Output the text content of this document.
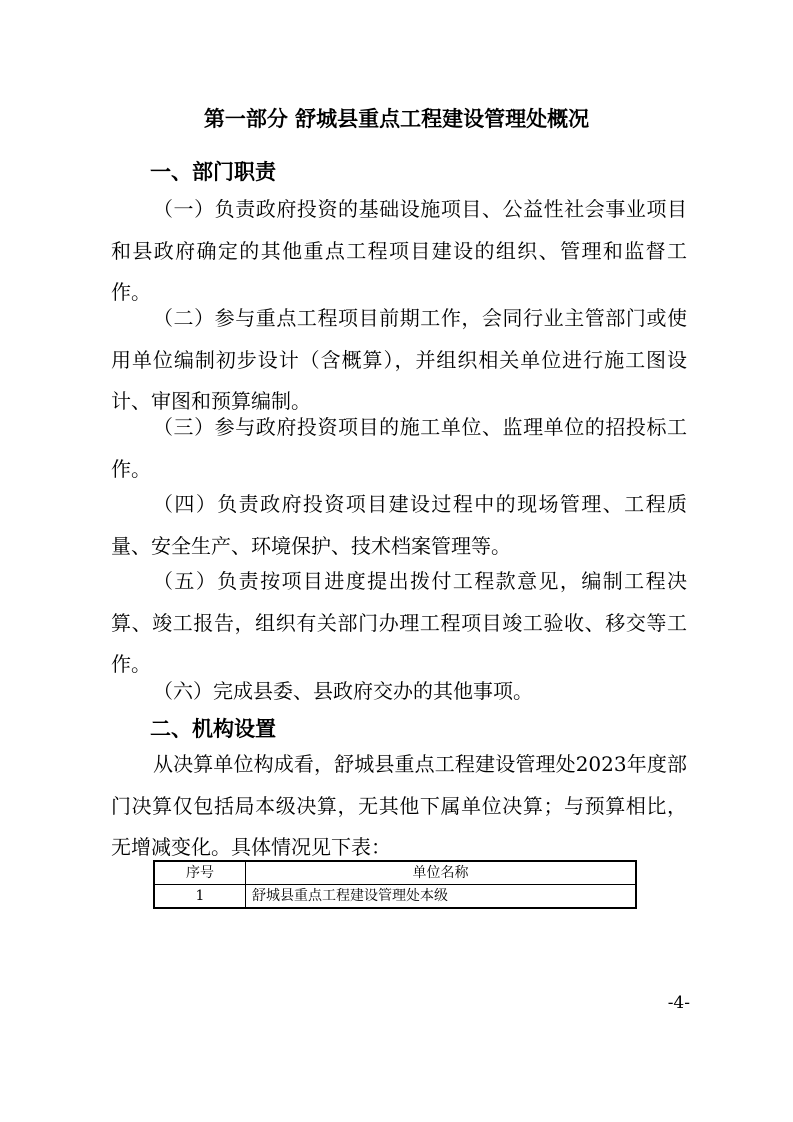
第一部分 舒城县重点工程建设管理处概况
一、部门职责
（一）负责政府投资的基础设施项目、公益性社会事业项目和县政府确定的其他重点工程项目建设的组织、管理和监督工作。
（二）参与重点工程项目前期工作，会同行业主管部门或使用单位编制初步设计（含概算），并组织相关单位进行施工图设计、审图和预算编制。
（三）参与政府投资项目的施工单位、监理单位的招投标工作。
（四）负责政府投资项目建设过程中的现场管理、工程质量、安全生产、环境保护、技术档案管理等。
（五）负责按项目进度提出拨付工程款意见，编制工程决算、竣工报告，组织有关部门办理工程项目竣工验收、移交等工作。
（六）完成县委、县政府交办的其他事项。
二、机构设置
从决算单位构成看，舒城县重点工程建设管理处2023年度部门决算仅包括局本级决算，无其他下属单位决算；与预算相比，无增减变化。具体情况见下表：
序号	单位名称
1	舒城县重点工程建设管理处本级
-4-
